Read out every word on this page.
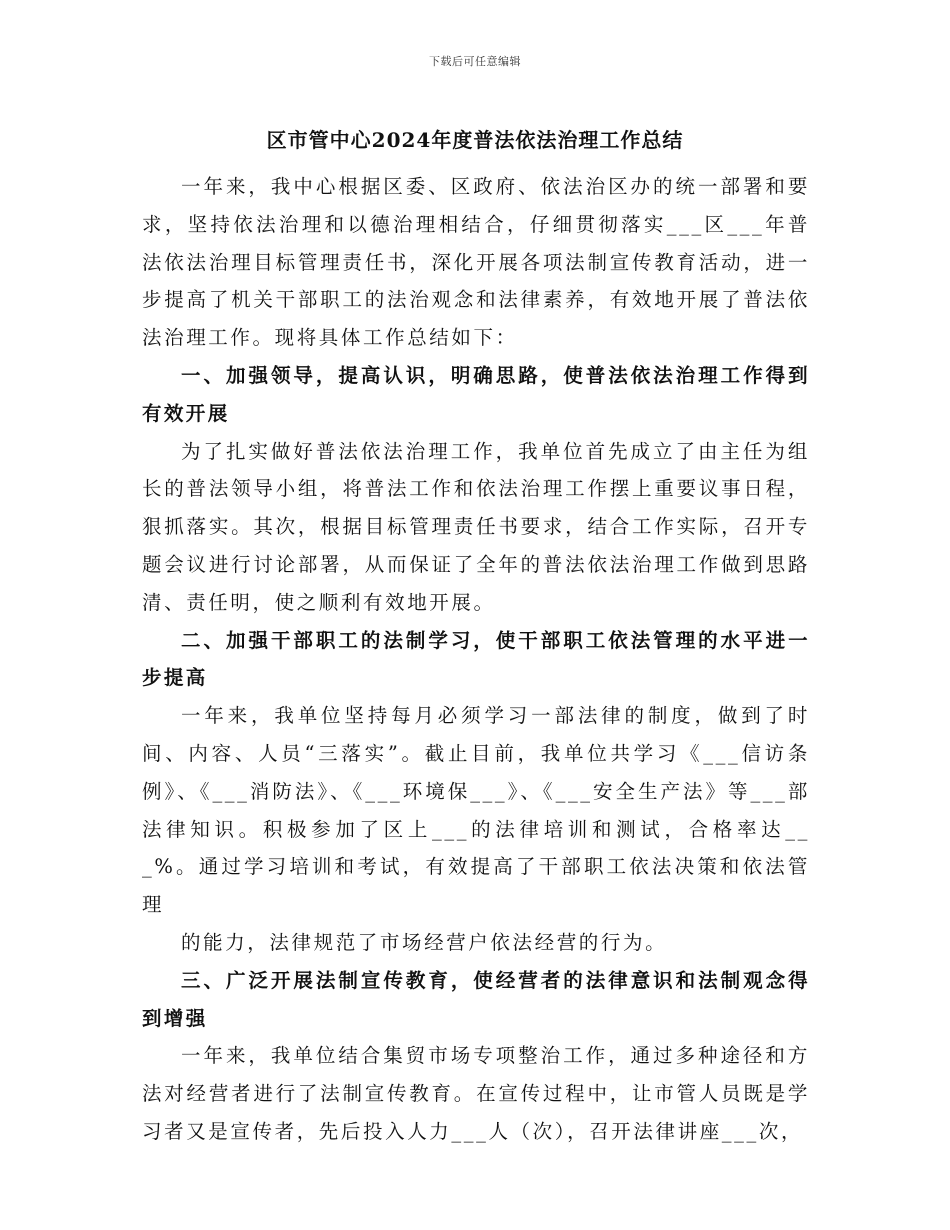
下载后可任意编辑
区市管中心2024年度普法依法治理工作总结

一年来，我中心根据区委、区政府、依法治区办的统一部署和要求，坚持依法治理和以德治理相结合，仔细贯彻落实___区___年普法依法治理目标管理责任书，深化开展各项法制宣传教育活动，进一步提高了机关干部职工的法治观念和法律素养，有效地开展了普法依法治理工作。现将具体工作总结如下：

一、加强领导，提高认识，明确思路，使普法依法治理工作得到有效开展

为了扎实做好普法依法治理工作，我单位首先成立了由主任为组长的普法领导小组，将普法工作和依法治理工作摆上重要议事日程，狠抓落实。其次，根据目标管理责任书要求，结合工作实际，召开专题会议进行讨论部署，从而保证了全年的普法依法治理工作做到思路清、责任明，使之顺利有效地开展。

二、加强干部职工的法制学习，使干部职工依法管理的水平进一步提高

一年来，我单位坚持每月必须学习一部法律的制度，做到了时间、内容、人员“三落实”。截止目前，我单位共学习《___信访条例》、《___消防法》、《___环境保___》、《___安全生产法》等___部法律知识。积极参加了区上___的法律培训和测试，合格率达___%。通过学习培训和考试，有效提高了干部职工依法决策和依法管理

的能力，法律规范了市场经营户依法经营的行为。

三、广泛开展法制宣传教育，使经营者的法律意识和法制观念得到增强

一年来，我单位结合集贸市场专项整治工作，通过多种途径和方法对经营者进行了法制宣传教育。在宣传过程中，让市管人员既是学习者又是宣传者，先后投入人力___人（次），召开法律讲座___次，
